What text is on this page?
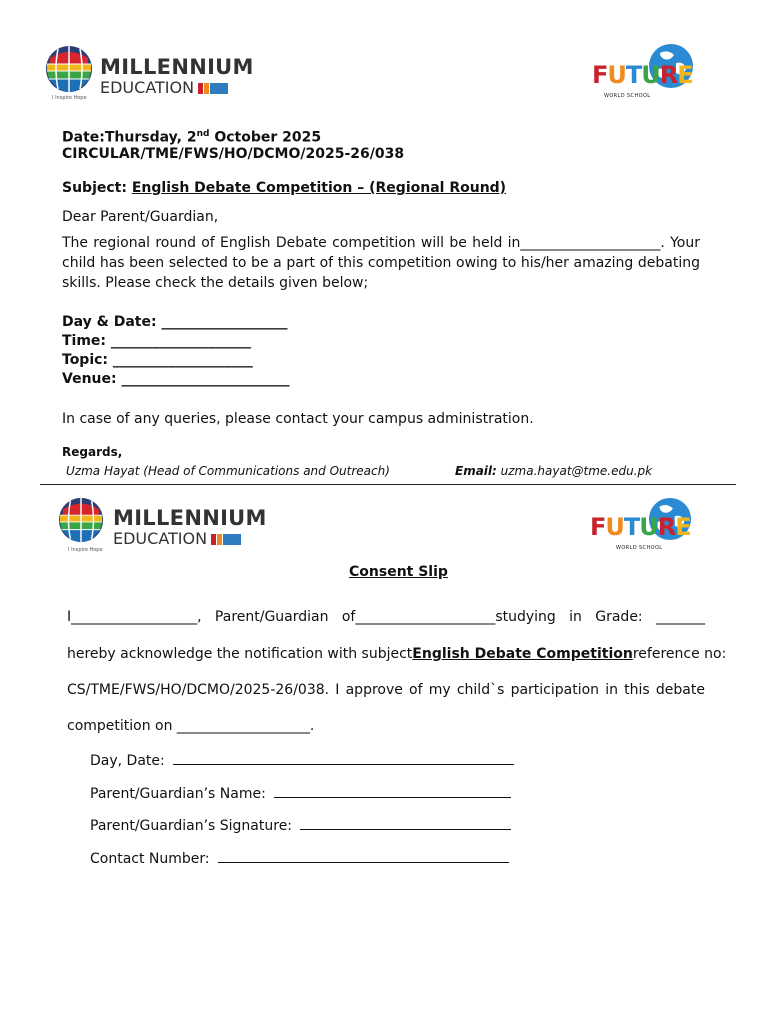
MILLENNIUM
EDUCATION
I Inspire Hope
FUTURE
WORLD SCHOOL
Date:Thursday, 2nd October 2025
CIRCULAR/TME/FWS/HO/DCMO/2025-26/038
Subject: English Debate Competition – (Regional Round)
Dear Parent/Guardian,
The regional round of English Debate competition will be held in____________________. Your
child has been selected to be a part of this competition owing to his/her amazing debating
skills. Please check the details given below;
Day & Date: __________________
Time: ____________________
Topic: ____________________
Venue: ________________________
In case of any queries, please contact your campus administration.
Regards,
Uzma Hayat (Head of Communications and Outreach)	Email: uzma.hayat@tme.edu.pk
MILLENNIUM
EDUCATION
I Inspire Hope
FUTURE
WORLD SCHOOL
Consent Slip
I__________________, Parent/Guardian of____________________studying in Grade: _______
hereby acknowledge the notification with subject English Debate Competition reference no:
CS/TME/FWS/HO/DCMO/2025-26/038. I approve of my child`s participation in this debate
competition on ___________________.
Day, Date:
Parent/Guardian’s Name:
Parent/Guardian’s Signature:
Contact Number:
